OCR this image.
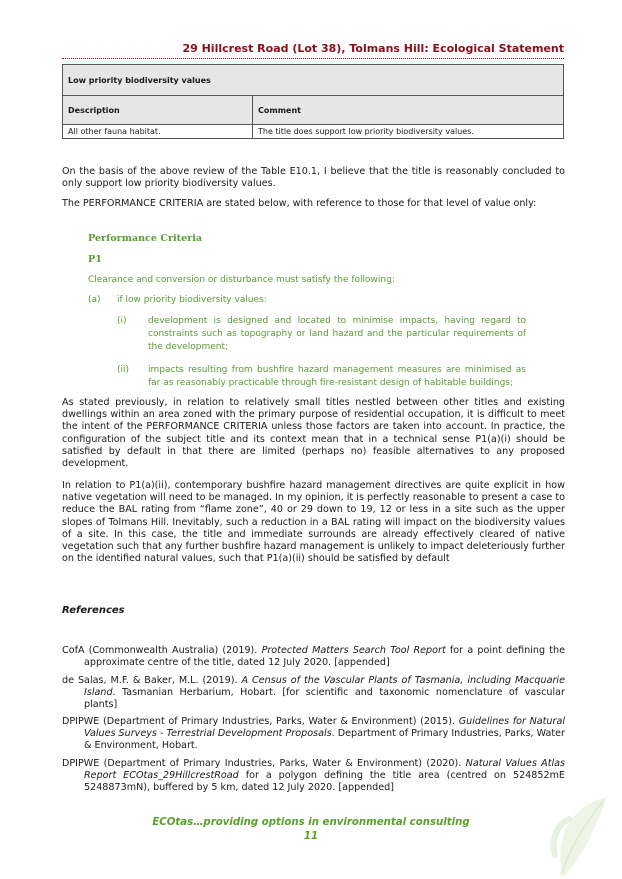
29 Hillcrest Road (Lot 38), Tolmans Hill: Ecological Statement
Low priority biodiversity values	
Description	Comment
All other fauna habitat.	The title does support low priority biodiversity values.
On the basis of the above review of the Table E10.1, I believe that the title is reasonably concluded to only support low priority biodiversity values.
The PERFORMANCE CRITERIA are stated below, with reference to those for that level of value only:
Performance Criteria
P1
Clearance and conversion or disturbance must satisfy the following:
(a) if low priority biodiversity values:
(i) development is designed and located to minimise impacts, having regard to constraints such as topography or land hazard and the particular requirements of the development;
(ii) impacts resulting from bushfire hazard management measures are minimised as far as reasonably practicable through fire-resistant design of habitable buildings;
As stated previously, in relation to relatively small titles nestled between other titles and existing dwellings within an area zoned with the primary purpose of residential occupation, it is difficult to meet the intent of the PERFORMANCE CRITERIA unless those factors are taken into account. In practice, the configuration of the subject title and its context mean that in a technical sense P1(a)(i) should be satisfied by default in that there are limited (perhaps no) feasible alternatives to any proposed development.
In relation to P1(a)(ii), contemporary bushfire hazard management directives are quite explicit in how native vegetation will need to be managed. In my opinion, it is perfectly reasonable to present a case to reduce the BAL rating from “flame zone”, 40 or 29 down to 19, 12 or less in a site such as the upper slopes of Tolmans Hill. Inevitably, such a reduction in a BAL rating will impact on the biodiversity values of a site. In this case, the title and immediate surrounds are already effectively cleared of native vegetation such that any further bushfire hazard management is unlikely to impact deleteriously further on the identified natural values, such that P1(a)(ii) should be satisfied by default
References
CofA (Commonwealth Australia) (2019). Protected Matters Search Tool Report for a point defining the approximate centre of the title, dated 12 July 2020. [appended]
de Salas, M.F. & Baker, M.L. (2019). A Census of the Vascular Plants of Tasmania, including Macquarie Island. Tasmanian Herbarium, Hobart. [for scientific and taxonomic nomenclature of vascular plants]
DPIPWE (Department of Primary Industries, Parks, Water & Environment) (2015). Guidelines for Natural Values Surveys - Terrestrial Development Proposals. Department of Primary Industries, Parks, Water & Environment, Hobart.
DPIPWE (Department of Primary Industries, Parks, Water & Environment) (2020). Natural Values Atlas Report ECOtas_29HillcrestRoad for a polygon defining the title area (centred on 524852mE 5248873mN), buffered by 5 km, dated 12 July 2020. [appended]
ECOtas…providing options in environmental consulting
11
